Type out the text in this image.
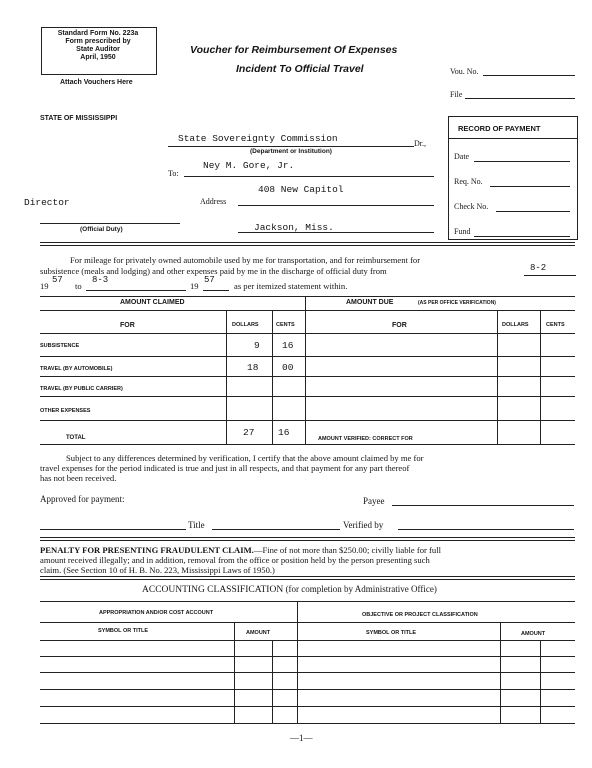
Standard Form No. 223a
Form prescribed by
State Auditor
April, 1950
Attach Vouchers Here
Voucher for Reimbursement Of Expenses
Incident To Official Travel	Vou. No.
File
STATE OF MISSISSIPPI
RECORD OF PAYMENT
Date
Req. No.
Check No.
Fund
State Sovereignty Commission	Dr.,
(Department or Institution)
To:
Ney M. Gore, Jr.
408 New Capitol
Address
Director
(Official Duty)	Jackson, Miss.
For mileage for privately owned automobile used by me for transportation, and for reimbursement for
subsistence (meals and lodging) and other expenses paid by me in the discharge of official duty from	8-2
19
57
to
8-3
19
57
as per itemized statement within.
AMOUNT CLAIMED	AMOUNT DUE	(AS PER OFFICE VERIFICATION)
FOR	DOLLARS	CENTS	FOR	DOLLARS	CENTS
SUBSISTENCE	9 16
TRAVEL (BY AUTOMOBILE)	18 00
TRAVEL (BY PUBLIC CARRIER)
OTHER EXPENSES
TOTAL	27 16
AMOUNT VERIFIED: CORRECT FOR
Subject to any differences determined by verification, I certify that the above amount claimed by me for
travel expenses for the period indicated is true and just in all respects, and that payment for any part thereof
has not been received.
Approved for payment:	Payee
Title	Verified by
PENALTY FOR PRESENTING FRAUDULENT CLAIM.—Fine of not more than $250.00; civilly liable for full
amount received illegally; and in addition, removal from the office or position held by the person presenting such
claim. (See Section 10 of H. B. No. 223, Mississippi Laws of 1950.)
ACCOUNTING CLASSIFICATION (for completion by Administrative Office)
APPROPRIATION AND/OR COST ACCOUNT	OBJECTIVE OR PROJECT CLASSIFICATION
SYMBOL OR TITLE	AMOUNT	SYMBOL OR TITLE	AMOUNT
—1—
